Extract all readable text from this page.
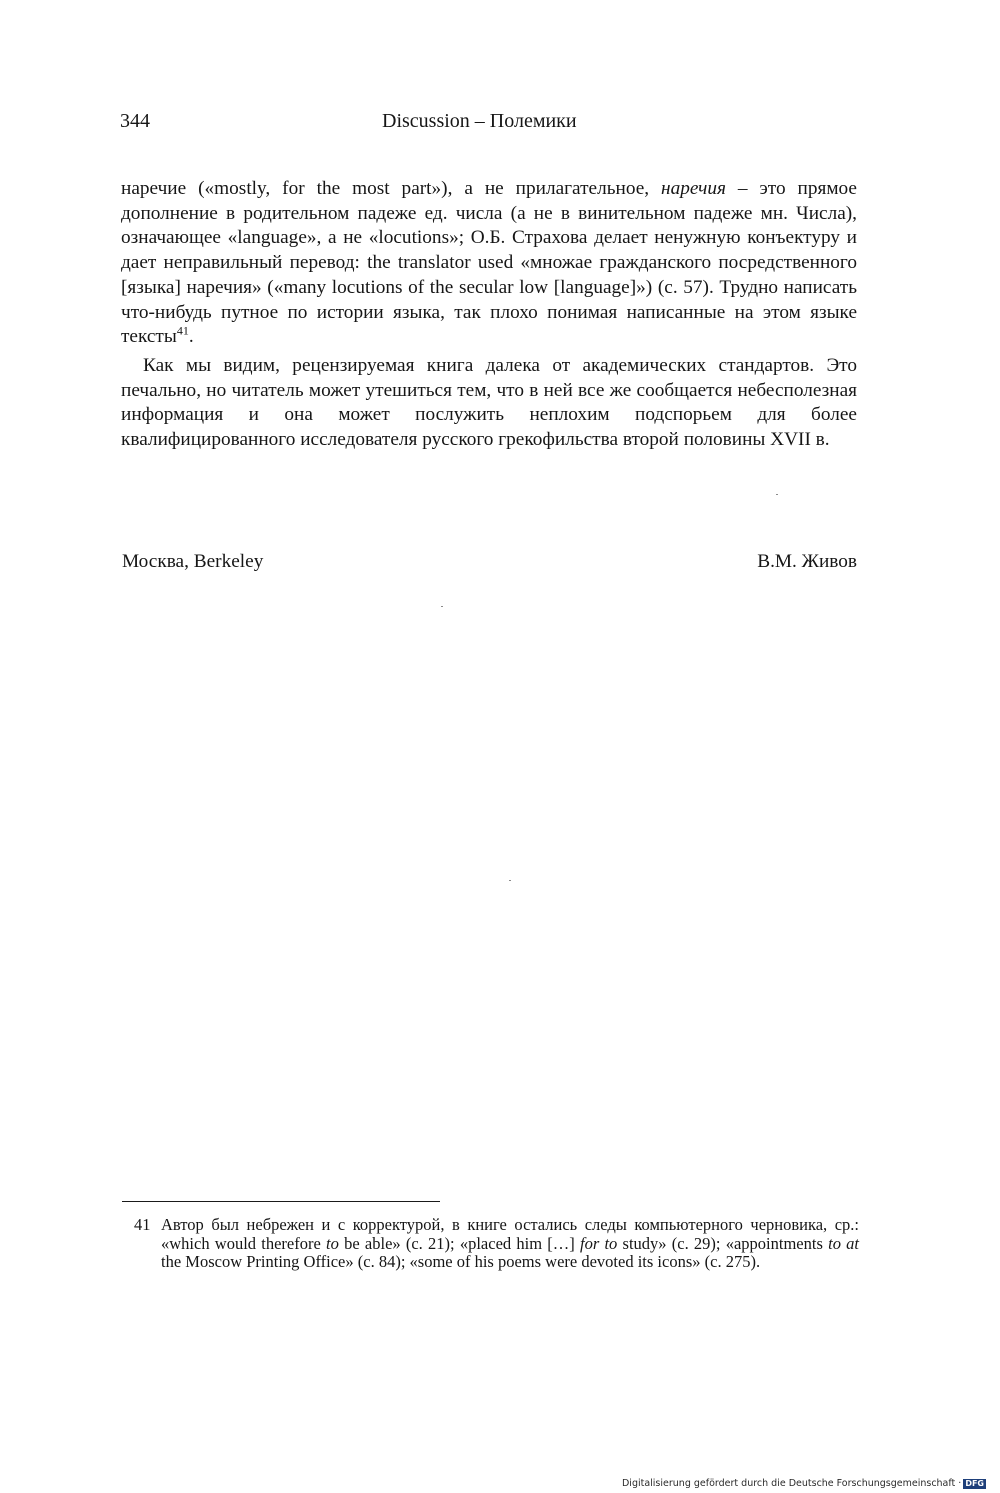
344	Discussion – Полемики

наречие («mostly, for the most part»), а не прилагательное, наречия – это прямое дополнение в родительном падеже ед. числа (а не в винительном падеже мн. Числа), означающее «language», а не «locutions»; О.Б. Страхова делает ненужную конъектуру и дает неправильный перевод: the translator used «множае гражданского посредственного [языка] наречия» («many locutions of the secular low [language]») (с. 57). Трудно написать что-нибудь путное по истории языка, так плохо понимая написанные на этом языке тексты$^{41}$.

Как мы видим, рецензируемая книга далека от академических стандартов. Это печально, но читатель может утешиться тем, что в ней все же сообщается небесполезная информация и она может послужить неплохим подспорьем для более квалифицированного исследователя русского грекофильства второй половины XVII в.

Москва, Berkeley	В.М. Живов
41 Автор был небрежен и с корректурой, в книге остались следы компьютерного черновика, ср.: «which would therefore to be able» (с. 21); «placed him […] for to study» (с. 29); «appointments to at the Moscow Printing Office» (с. 84); «some of his poems were devoted its icons» (с. 275).
Digitalisierung gefördert durch die Deutsche Forschungsgemeinschaft · DFG
